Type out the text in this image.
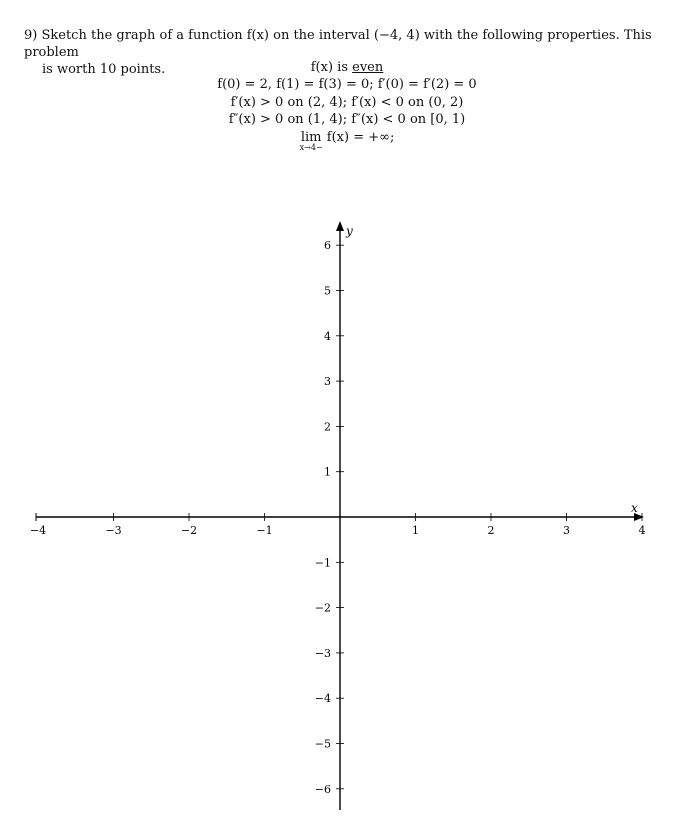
9) Sketch the graph of a function f(x) on the interval (−4, 4) with the following properties. This problem
is worth 10 points.	f(x) is even
f(0) = 2, f(1) = f(3) = 0; f′(0) = f′(2) = 0
f′(x) > 0 on (2, 4); f′(x) < 0 on (0, 2)
f″(x) > 0 on (1, 4); f″(x) < 0 on [0, 1)
lim
x→4−
f(x) = +∞;
x
y
−4	−3	−2	−1	1	2	3	4
6
5
4
3
2
1
−1
−2
−3
−4
−5
−6
